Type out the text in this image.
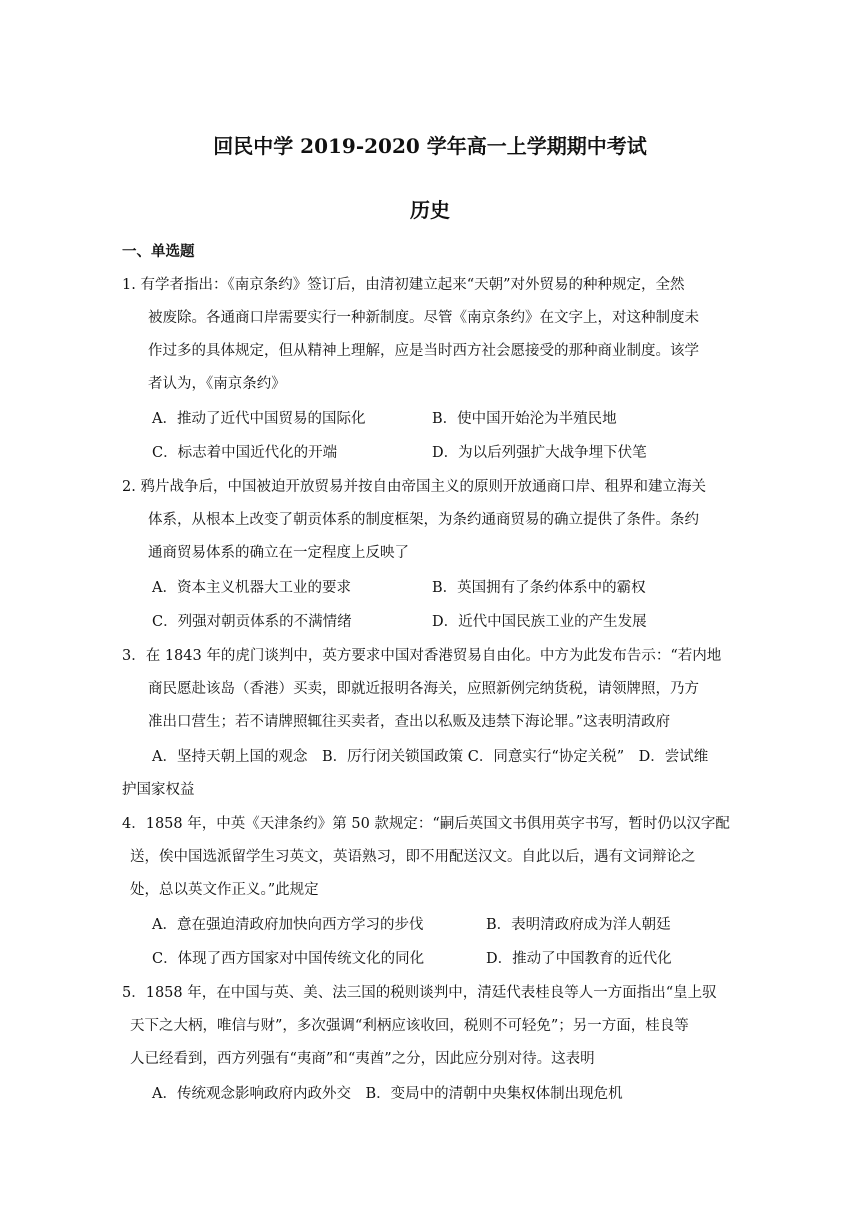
回民中学 2019-2020 学年高一上学期期中考试
历史
一、单选题
1. 有学者指出：《南京条约》签订后，由清初建立起来“天朝”对外贸易的种种规定，全然
被废除。各通商口岸需要实行一种新制度。尽管《南京条约》在文字上，对这种制度未
作过多的具体规定，但从精神上理解，应是当时西方社会愿接受的那种商业制度。该学
者认为，《南京条约》
A．推动了近代中国贸易的国际化	B．使中国开始沦为半殖民地
C．标志着中国近代化的开端	D．为以后列强扩大战争埋下伏笔
2. 鸦片战争后，中国被迫开放贸易并按自由帝国主义的原则开放通商口岸、租界和建立海关
体系，从根本上改变了朝贡体系的制度框架，为条约通商贸易的确立提供了条件。条约
通商贸易体系的确立在一定程度上反映了
A．资本主义机器大工业的要求	B．英国拥有了条约体系中的霸权
C．列强对朝贡体系的不满情绪	D．近代中国民族工业的产生发展
3．在 1843 年的虎门谈判中，英方要求中国对香港贸易自由化。中方为此发布告示：“若内地
商民愿赴该岛（香港）买卖，即就近报明各海关，应照新例完纳货税，请领牌照，乃方
准出口营生；若不请牌照辄往买卖者，查出以私贩及违禁下海论罪。”这表明清政府
A．坚持天朝上国的观念　B．厉行闭关锁国政策 C．同意实行“协定关税”　D．尝试维
护国家权益
4．1858 年，中英《天津条约》第 50 款规定：“嗣后英国文书俱用英字书写，暂时仍以汉字配
送，俟中国选派留学生习英文，英语熟习，即不用配送汉文。自此以后，遇有文词辩论之
处，总以英文作正义。”此规定
A．意在强迫清政府加快向西方学习的步伐	B．表明清政府成为洋人朝廷
C．体现了西方国家对中国传统文化的同化	D．推动了中国教育的近代化
5．1858 年，在中国与英、美、法三国的税则谈判中，清廷代表桂良等人一方面指出“皇上驭
天下之大柄，唯信与财”，多次强调“利柄应该收回，税则不可轻免”；另一方面，桂良等
人已经看到，西方列强有“夷商”和“夷酋”之分，因此应分别对待。这表明
A．传统观念影响政府内政外交　B．变局中的清朝中央集权体制出现危机
